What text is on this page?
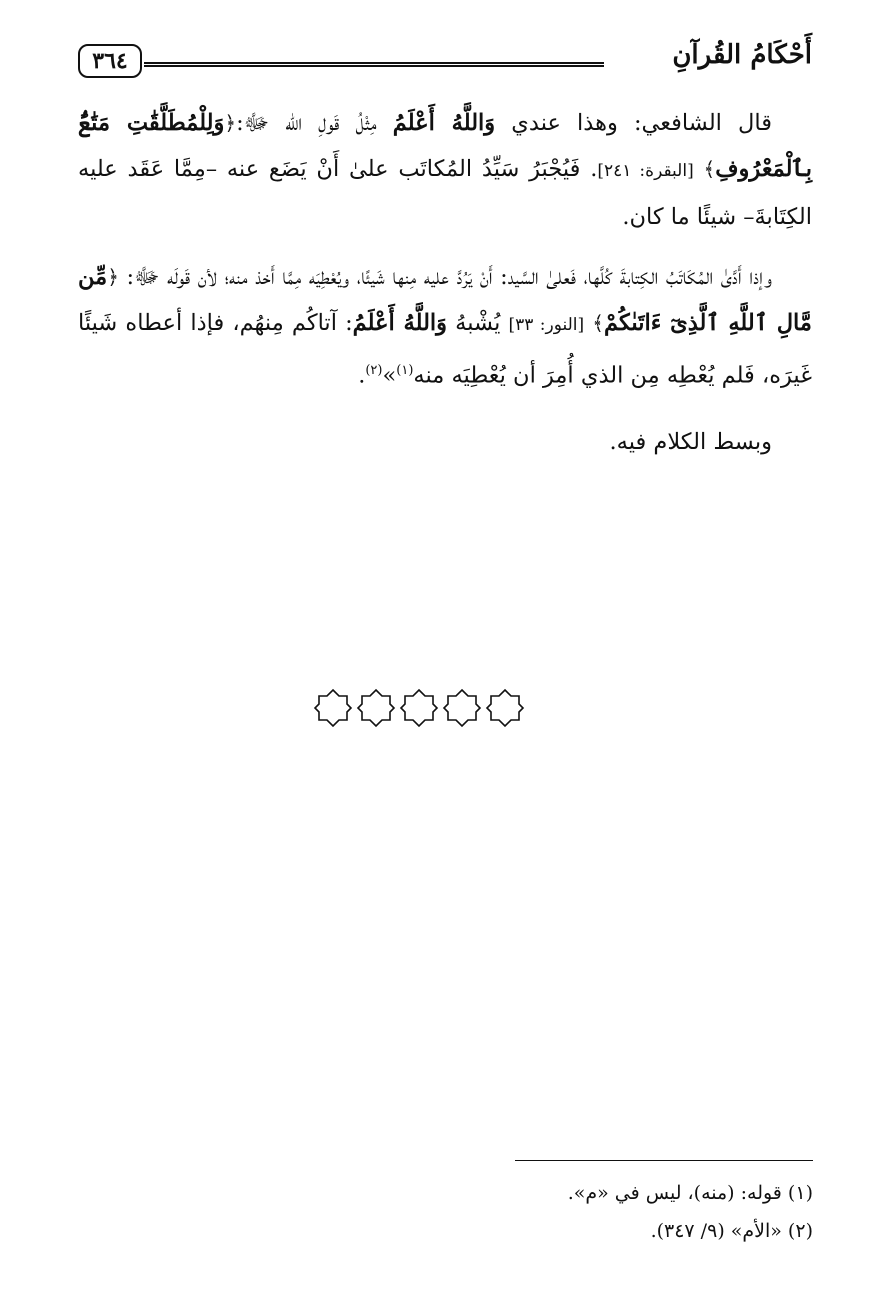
٣٦٤	أَحْكَامُ القُرآنِ

قال الشافعي: وهذا عندي وَاللَّهُ أَعْلَمُ مِثْلُ قَولِ الله ﷻ:﴿وَلِلْمُطَلَّقَٰتِ مَتَٰعٌۢ بِٱلْمَعْرُوفِ﴾ [البقرة: ٢٤١]. فَيُجْبَرُ سَيِّدُ المُكاتَب علىٰ أَنْ يَضَع عنه –مِمَّا عَقَد عليه الكِتَابةَ– شيئًا ما كان.

وإذا أَدَّىٰ المُكَاتَبُ الكِتابةَ كُلَّها، فَعلىٰ السَّيد: أَنْ يَرُدَّ عليه مِنها شَيئًا، ويُعْطِيَه مِمَّا أَخذ منه؛ لأن قَولَه ﷻ: ﴿مِّن مَّالِ ٱللَّهِ ٱلَّذِىٓ ءَاتَىٰكُمْ﴾ [النور: ٣٣] يُشْبهُ وَاللَّهُ أَعْلَمُ: آتاكُم مِنهُم، فإذا أعطاه شَيئًا غَيرَه، فَلم يُعْطِه مِن الذي أُمِرَ أن يُعْطِيَه منه$^{(١)}$»$^{(٢)}$.

وبسط الكلام فيه.

(١) قوله: (منه)، ليس في «م».
(٢) «الأم» (٩/ ٣٤٧).
